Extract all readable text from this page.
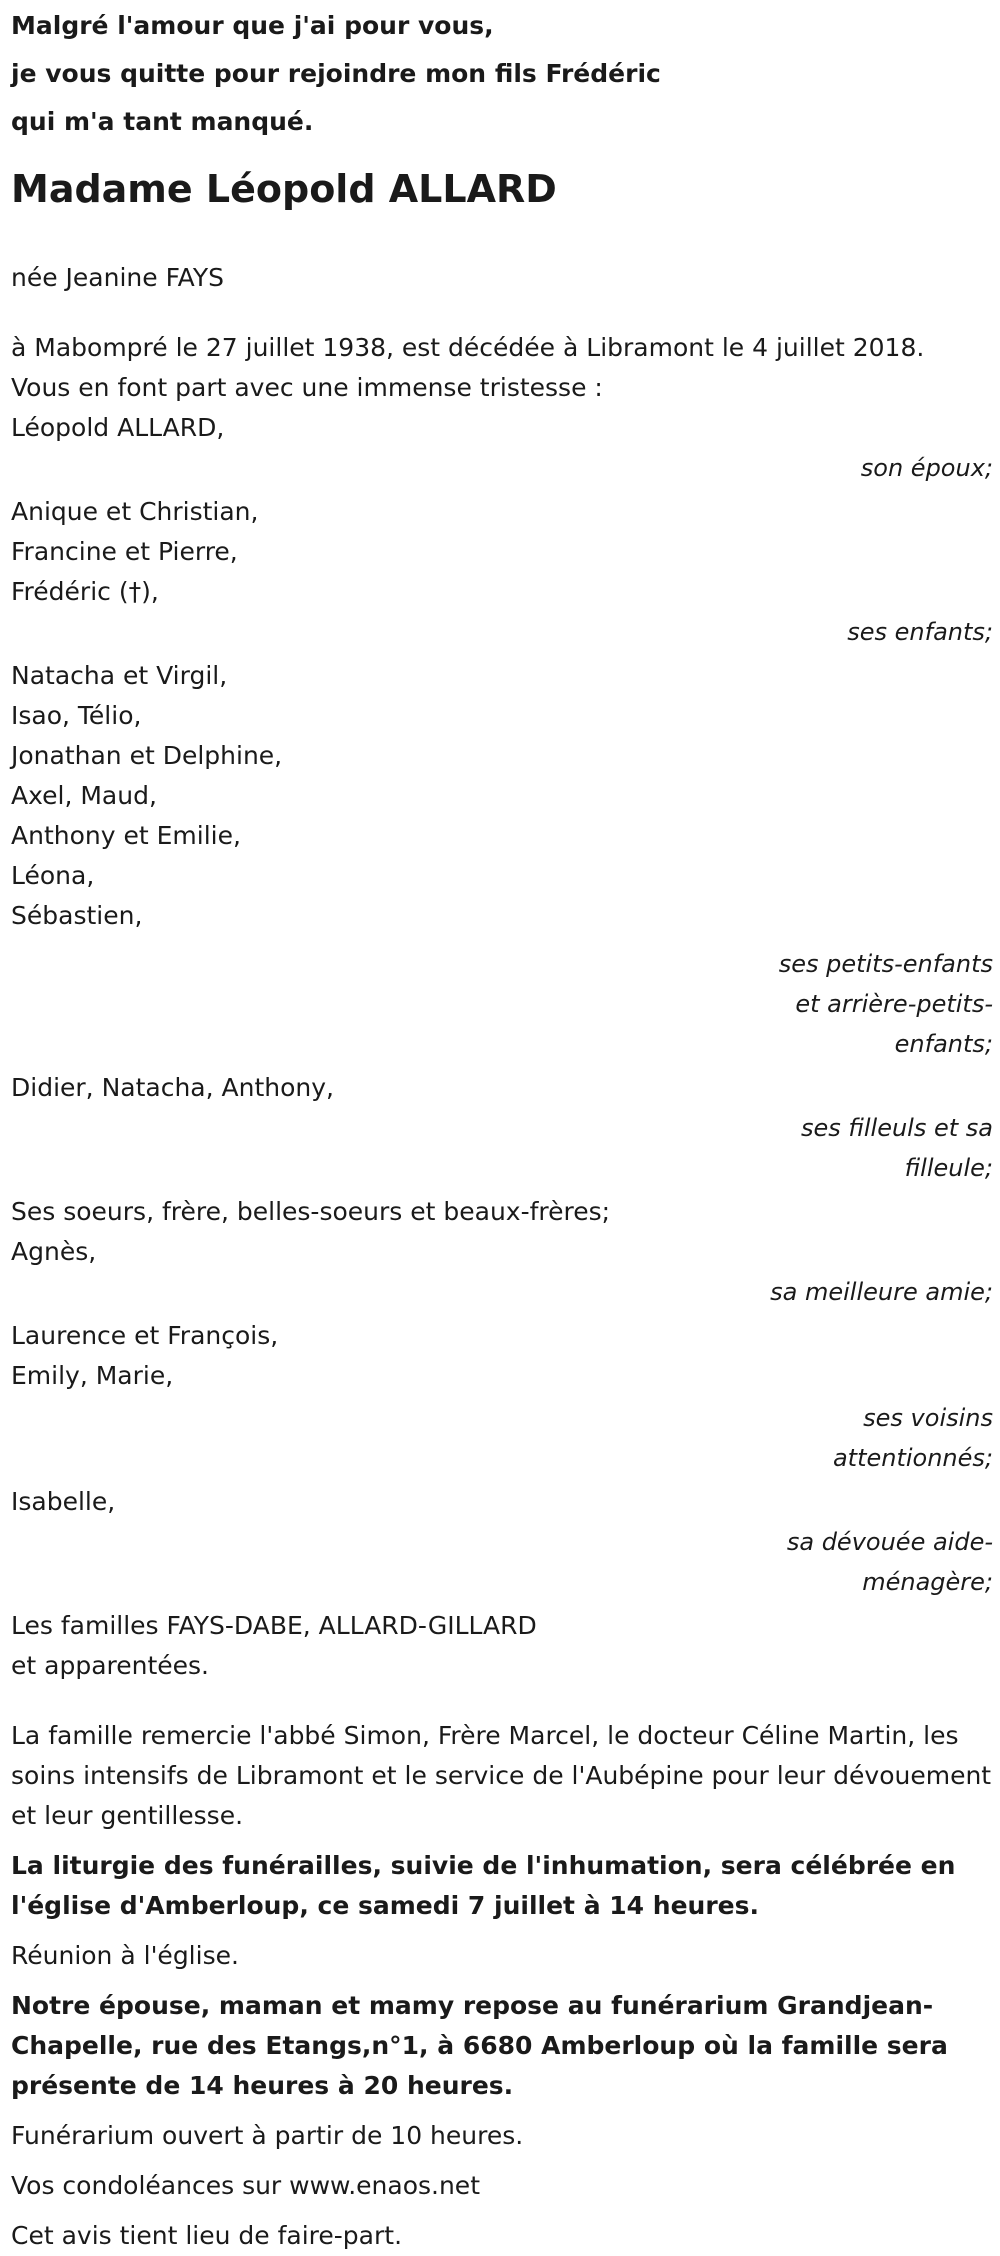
Malgré l'amour que j'ai pour vous,
je vous quitte pour rejoindre mon fils Frédéric
qui m'a tant manqué.
Madame Léopold ALLARD
née Jeanine FAYS
à Mabompré le 27 juillet 1938, est décédée à Libramont le 4 juillet 2018.
Vous en font part avec une immense tristesse :
Léopold ALLARD,
son époux;
Anique et Christian,
Francine et Pierre,
Frédéric (†),
ses enfants;
Natacha et Virgil,
Isao, Télio,
Jonathan et Delphine,
Axel, Maud,
Anthony et Emilie,
Léona,
Sébastien,
ses petits-enfants et arrière-petits-enfants;
Didier, Natacha, Anthony,
ses filleuls et sa filleule;
Ses soeurs, frère, belles-soeurs et beaux-frères;
Agnès,
sa meilleure amie;
Laurence et François,
Emily, Marie,
ses voisins attentionnés;
Isabelle,
sa dévouée aide-ménagère;
Les familles FAYS-DABE, ALLARD-GILLARD
et apparentées.
La famille remercie l'abbé Simon, Frère Marcel, le docteur Céline Martin, les soins intensifs de Libramont et le service de l'Aubépine pour leur dévouement et leur gentillesse.
La liturgie des funérailles, suivie de l'inhumation, sera célébrée en l'église d'Amberloup, ce samedi 7 juillet à 14 heures.
Réunion à l'église.
Notre épouse, maman et mamy repose au funérarium Grandjean-Chapelle, rue des Etangs,n°1, à 6680 Amberloup où la famille sera présente de 14 heures à 20 heures.
Funérarium ouvert à partir de 10 heures.
Vos condoléances sur www.enaos.net
Cet avis tient lieu de faire-part.
